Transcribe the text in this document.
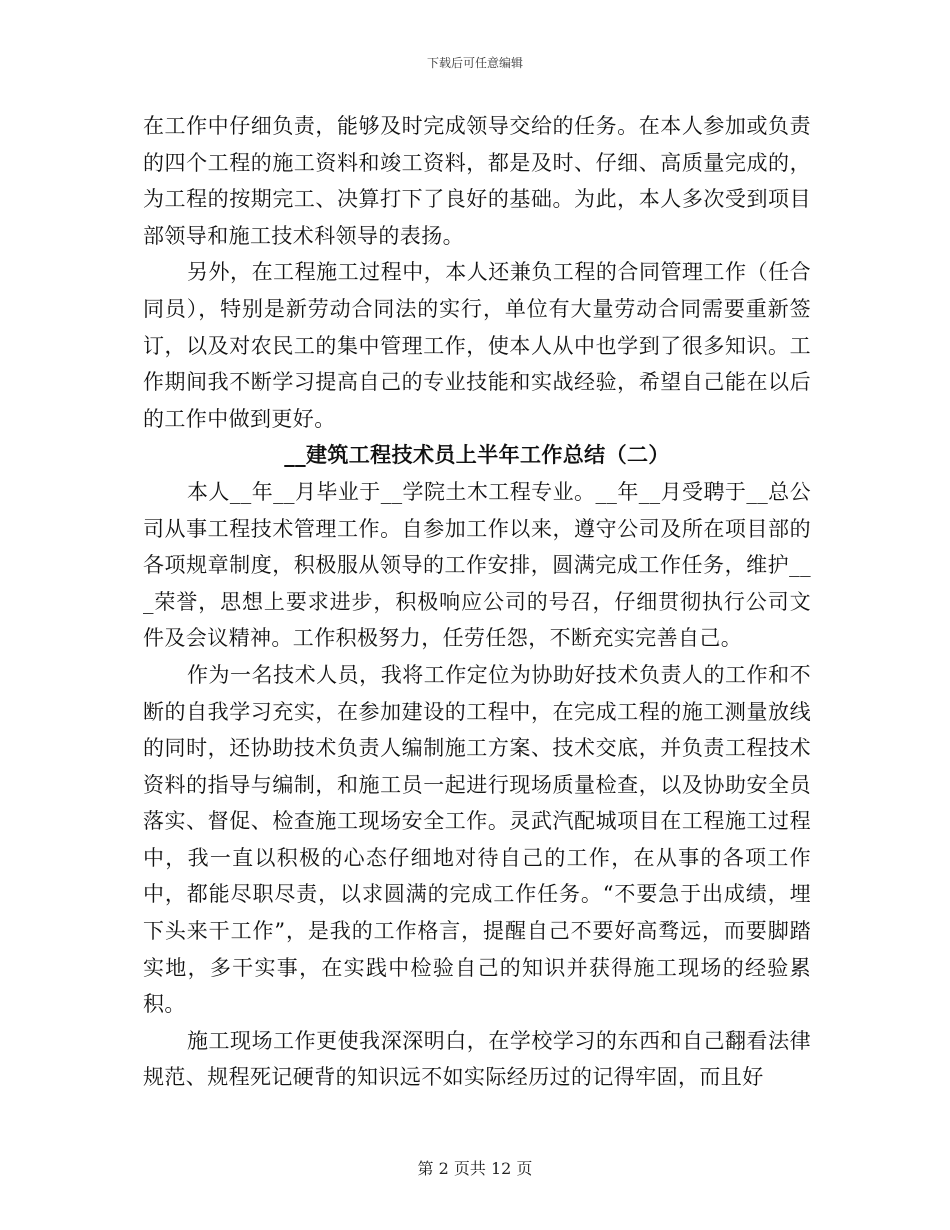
下载后可任意编辑

在工作中仔细负责，能够及时完成领导交给的任务。在本人参加或负责的四个工程的施工资料和竣工资料，都是及时、仔细、高质量完成的，为工程的按期完工、决算打下了良好的基础。为此，本人多次受到项目部领导和施工技术科领导的表扬。

另外，在工程施工过程中，本人还兼负工程的合同管理工作（任合同员），特别是新劳动合同法的实行，单位有大量劳动合同需要重新签订，以及对农民工的集中管理工作，使本人从中也学到了很多知识。工作期间我不断学习提高自己的专业技能和实战经验，希望自己能在以后的工作中做到更好。

__建筑工程技术员上半年工作总结（二）

本人__年__月毕业于__学院土木工程专业。__年__月受聘于__总公司从事工程技术管理工作。自参加工作以来，遵守公司及所在项目部的各项规章制度，积极服从领导的工作安排，圆满完成工作任务，维护___荣誉，思想上要求进步，积极响应公司的号召，仔细贯彻执行公司文件及会议精神。工作积极努力，任劳任怨，不断充实完善自己。

作为一名技术人员，我将工作定位为协助好技术负责人的工作和不断的自我学习充实，在参加建设的工程中，在完成工程的施工测量放线的同时，还协助技术负责人编制施工方案、技术交底，并负责工程技术资料的指导与编制，和施工员一起进行现场质量检查，以及协助安全员落实、督促、检查施工现场安全工作。灵武汽配城项目在工程施工过程中，我一直以积极的心态仔细地对待自己的工作，在从事的各项工作中，都能尽职尽责，以求圆满的完成工作任务。“不要急于出成绩，埋下头来干工作”，是我的工作格言，提醒自己不要好高骛远，而要脚踏实地，多干实事，在实践中检验自己的知识并获得施工现场的经验累积。

施工现场工作更使我深深明白，在学校学习的东西和自己翻看法律规范、规程死记硬背的知识远不如实际经历过的记得牢固，而且好

第 2 页共 12 页
